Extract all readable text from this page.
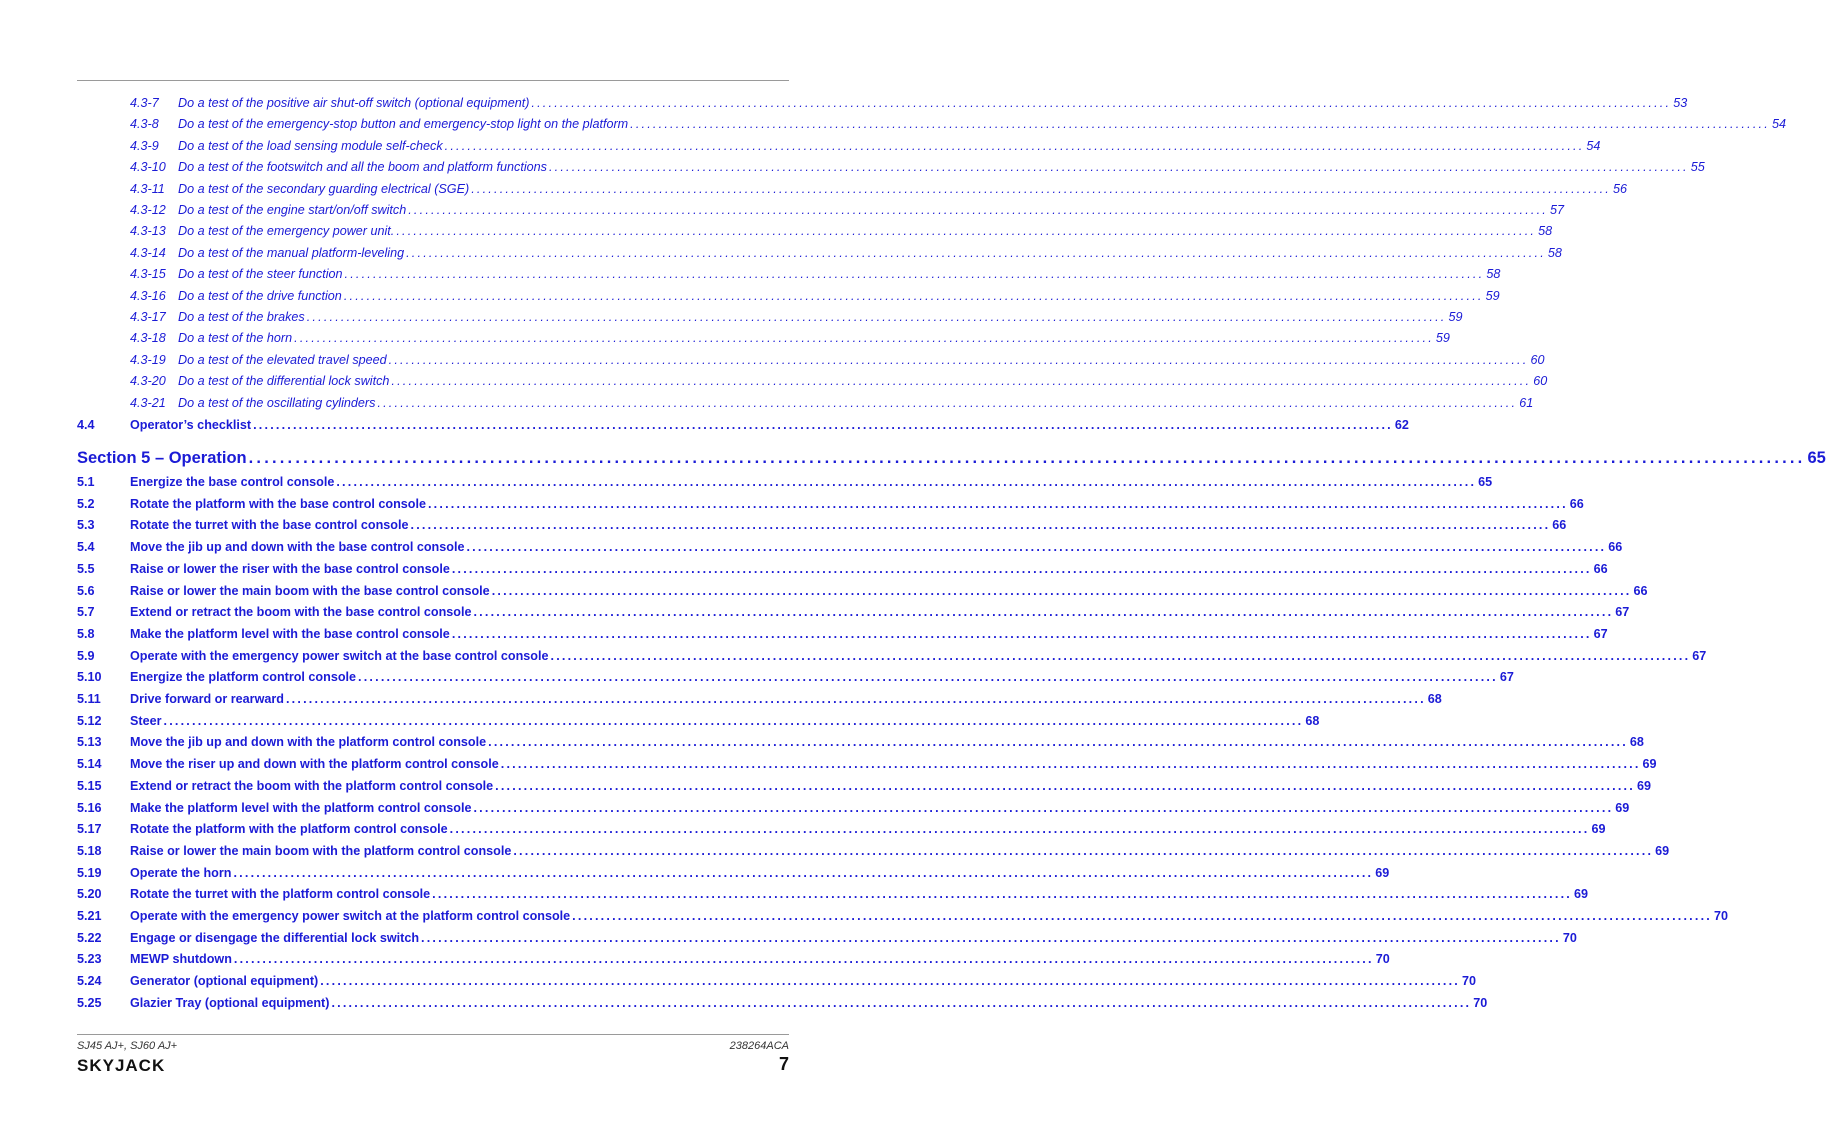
4.3-7	Do a test of the positive air shut-off switch (optional equipment) ........................................................................................................................................................................................................ 53
4.3-8	Do a test of the emergency-stop button and emergency-stop light on the platform ........................................................................................................................................................................................................ 54
4.3-9	Do a test of the load sensing module self-check ........................................................................................................................................................................................................ 54
4.3-10 Do a test of the footswitch and all the boom and platform functions ........................................................................................................................................................................................................ 55
4.3-11	Do a test of the secondary guarding electrical (SGE) ........................................................................................................................................................................................................ 56
4.3-12 Do a test of the engine start/on/off switch ........................................................................................................................................................................................................ 57
4.3-13 Do a test of the emergency power unit. ........................................................................................................................................................................................................ 58
4.3-14 Do a test of the manual platform-leveling ........................................................................................................................................................................................................ 58
4.3-15 Do a test of the steer function ........................................................................................................................................................................................................ 58
4.3-16 Do a test of the drive function ........................................................................................................................................................................................................ 59
4.3-17 Do a test of the brakes ........................................................................................................................................................................................................ 59
4.3-18 Do a test of the horn ........................................................................................................................................................................................................ 59
4.3-19 Do a test of the elevated travel speed ........................................................................................................................................................................................................ 60
4.3-20 Do a test of the differential lock switch ........................................................................................................................................................................................................ 60
4.3-21 Do a test of the oscillating cylinders ........................................................................................................................................................................................................ 61
4.4	Operator’s checklist ........................................................................................................................................................................................................ 62
Section 5 – Operation ........................................................................................................................................................................................................ 65
5.1	Energize the base control console ........................................................................................................................................................................................................ 65
5.2	Rotate the platform with the base control console ........................................................................................................................................................................................................ 66
5.3	Rotate the turret with the base control console ........................................................................................................................................................................................................ 66
5.4	Move the jib up and down with the base control console ........................................................................................................................................................................................................ 66
5.5	Raise or lower the riser with the base control console ........................................................................................................................................................................................................ 66
5.6	Raise or lower the main boom with the base control console ........................................................................................................................................................................................................ 66
5.7	Extend or retract the boom with the base control console ........................................................................................................................................................................................................ 67
5.8	Make the platform level with the base control console ........................................................................................................................................................................................................ 67
5.9	Operate with the emergency power switch at the base control console ........................................................................................................................................................................................................ 67
5.10	Energize the platform control console ........................................................................................................................................................................................................ 67
5.11	Drive forward or rearward ........................................................................................................................................................................................................ 68
5.12	Steer ........................................................................................................................................................................................................ 68
5.13	Move the jib up and down with the platform control console ........................................................................................................................................................................................................ 68
5.14	Move the riser up and down with the platform control console ........................................................................................................................................................................................................ 69
5.15	Extend or retract the boom with the platform control console ........................................................................................................................................................................................................ 69
5.16	Make the platform level with the platform control console ........................................................................................................................................................................................................ 69
5.17	Rotate the platform with the platform control console ........................................................................................................................................................................................................ 69
5.18	Raise or lower the main boom with the platform control console ........................................................................................................................................................................................................ 69
5.19	Operate the horn ........................................................................................................................................................................................................ 69
5.20	Rotate the turret with the platform control console ........................................................................................................................................................................................................ 69
5.21	Operate with the emergency power switch at the platform control console ........................................................................................................................................................................................................ 70
5.22	Engage or disengage the differential lock switch ........................................................................................................................................................................................................ 70
5.23	MEWP shutdown ........................................................................................................................................................................................................ 70
5.24	Generator (optional equipment) ........................................................................................................................................................................................................ 70
5.25	Glazier Tray (optional equipment) ........................................................................................................................................................................................................ 70
SJ45 AJ+, SJ60 AJ+	238264ACA
SKYJACK	7
